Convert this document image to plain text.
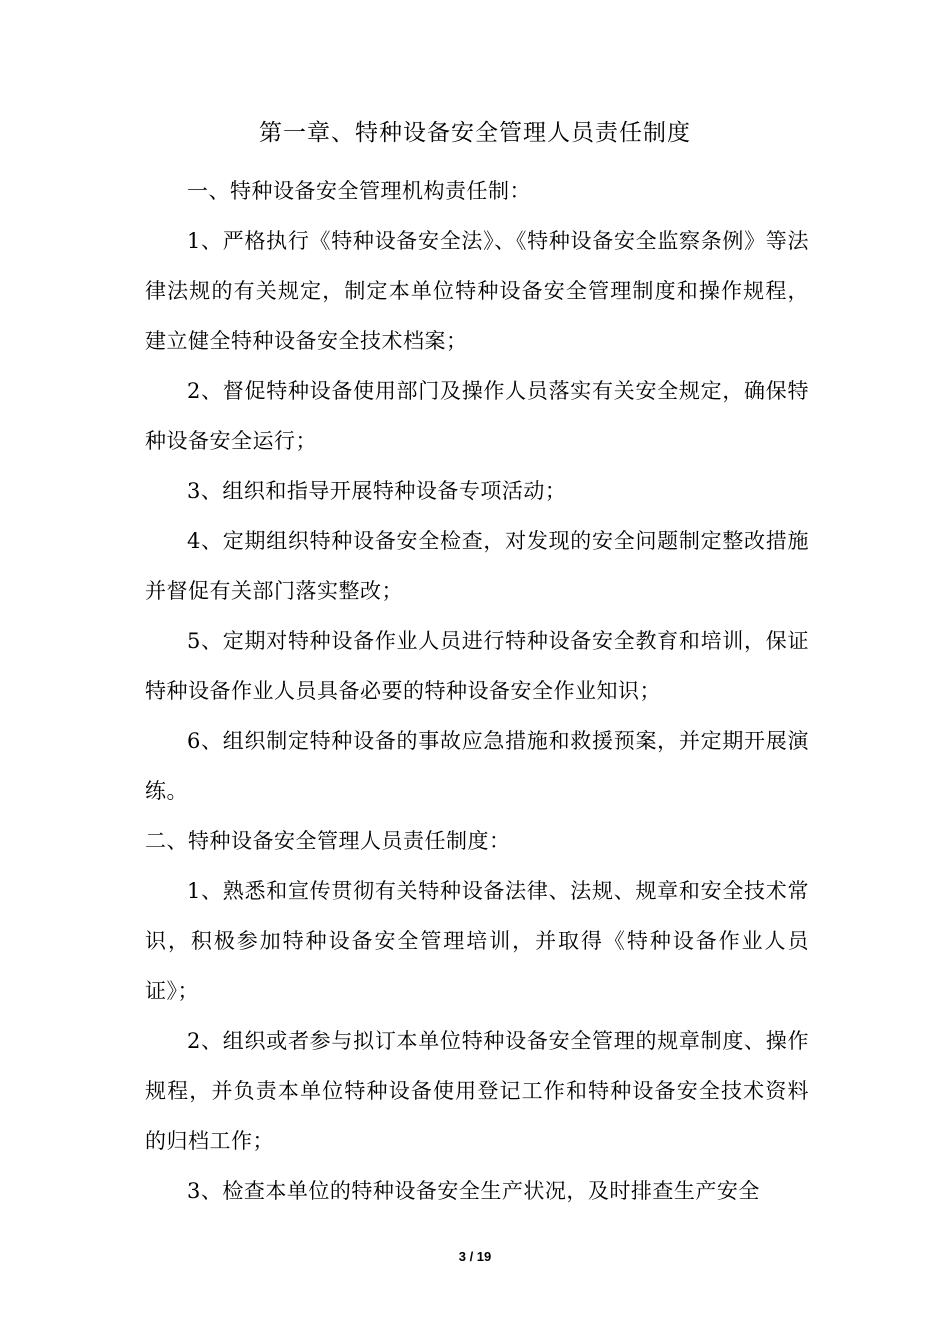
第一章、特种设备安全管理人员责任制度

一、特种设备安全管理机构责任制：

1、严格执行《特种设备安全法》、《特种设备安全监察条例》等法律法规的有关规定，制定本单位特种设备安全管理制度和操作规程，建立健全特种设备安全技术档案；

2、督促特种设备使用部门及操作人员落实有关安全规定，确保特种设备安全运行；

3、组织和指导开展特种设备专项活动；

4、定期组织特种设备安全检查，对发现的安全问题制定整改措施并督促有关部门落实整改；

5、定期对特种设备作业人员进行特种设备安全教育和培训，保证特种设备作业人员具备必要的特种设备安全作业知识；

6、组织制定特种设备的事故应急措施和救援预案，并定期开展演练。

二、特种设备安全管理人员责任制度：

1、熟悉和宣传贯彻有关特种设备法律、法规、规章和安全技术常识，积极参加特种设备安全管理培训，并取得《特种设备作业人员证》；

2、组织或者参与拟订本单位特种设备安全管理的规章制度、操作规程，并负责本单位特种设备使用登记工作和特种设备安全技术资料的归档工作；

3、检查本单位的特种设备安全生产状况，及时排查生产安全

3 / 19
